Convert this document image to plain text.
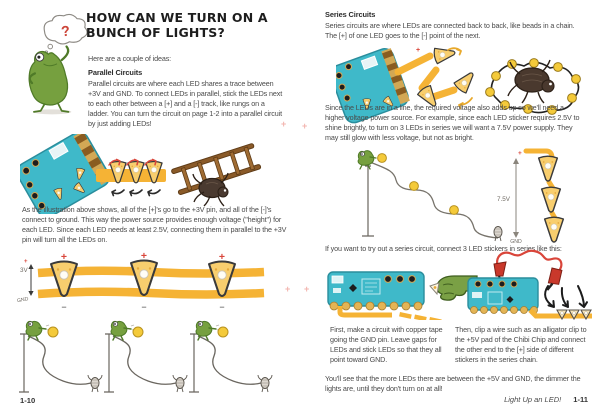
?
HOW CAN WE TURN ON A
BUNCH OF LIGHTS?
Here are a couple of ideas:
Parallel Circuits
Parallel circuits are where each LED shares a trace between +3V and GND. To connect LEDs in parallel, stick the LEDs next to each other between a [+] and a [-] track, like rungs on a ladder. You can turn the circuit on page 1-2 into a parallel circuit by just adding LEDs!
As the illustration above shows, all of the [+]'s go to the +3V pin, and all of the [-]'s connect to ground. This way the power source provides enough voltage ("height") for each LED. Since each LED needs at least 2.5V, connecting them in parallel to the +3V pin will turn all the LEDs on.
+	+	+
−	−	−
+
3V
GND
1-10
Series Circuits
Series circuits are where LEDs are connected back to back, like beads in a chain. The [+] of one LED goes to the [-] point of the next.
+
Since the LEDs are in a line, the required voltage also adds up so we'll need a higher voltage power source. For example, since each LED sticker requires 2.5V to shine brightly, to turn on 3 LEDs in series we will want a 7.5V power supply. They may still glow with less voltage, but not as bright.
7.5V
+
GND
If you want to try out a series circuit, connect 3 LED stickers in series like this:
First, make a circuit with copper tape going the GND pin. Leave gaps for LEDs and stick LEDs so that they all point toward GND.
Then, clip a wire such as an alligator clip to the +5V pad of the Chibi Chip and connect the other end to the [+] side of different stickers in the series chain.
You'll see that the more LEDs there are between the +5V and GND, the dimmer the lights are, until they don't turn on at all!
Light Up an LED! 1-11
+
+
+
+
